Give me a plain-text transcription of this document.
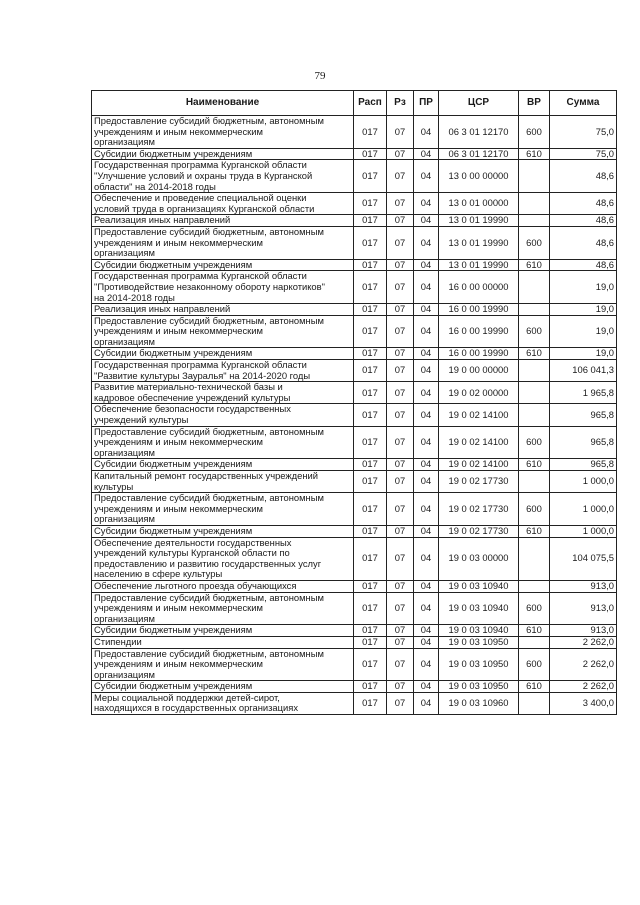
79
Наименование	Расп	Рз	ПР	ЦСР	ВР	Сумма
Предоставление субсидий бюджетным, автономным
учреждениям и иным некоммерческим
организациям	017	07	04	06 3 01 12170	600	75,0
Субсидии бюджетным учреждениям	017	07	04	06 3 01 12170	610	75,0
Государственная программа Курганской области
"Улучшение условий и охраны труда в Курганской
области" на 2014-2018 годы	017	07	04	13 0 00 00000		48,6
Обеспечение и проведение специальной оценки
условий труда в организациях Курганской области	017	07	04	13 0 01 00000		48,6
Реализация иных направлений	017	07	04	13 0 01 19990		48,6
Предоставление субсидий бюджетным, автономным
учреждениям и иным некоммерческим
организациям	017	07	04	13 0 01 19990	600	48,6
Субсидии бюджетным учреждениям	017	07	04	13 0 01 19990	610	48,6
Государственная программа Курганской области
"Противодействие незаконному обороту наркотиков"
на 2014-2018 годы	017	07	04	16 0 00 00000		19,0
Реализация иных направлений	017	07	04	16 0 00 19990		19,0
Предоставление субсидий бюджетным, автономным
учреждениям и иным некоммерческим
организациям	017	07	04	16 0 00 19990	600	19,0
Субсидии бюджетным учреждениям	017	07	04	16 0 00 19990	610	19,0
Государственная программа Курганской области
"Развитие культуры Зауралья" на 2014-2020 годы	017	07	04	19 0 00 00000		106 041,3
Развитие материально-технической базы и
кадровое обеспечение учреждений культуры	017	07	04	19 0 02 00000		1 965,8
Обеспечение безопасности государственных
учреждений культуры	017	07	04	19 0 02 14100		965,8
Предоставление субсидий бюджетным, автономным
учреждениям и иным некоммерческим
организациям	017	07	04	19 0 02 14100	600	965,8
Субсидии бюджетным учреждениям	017	07	04	19 0 02 14100	610	965,8
Капитальный ремонт государственных учреждений
культуры	017	07	04	19 0 02 17730		1 000,0
Предоставление субсидий бюджетным, автономным
учреждениям и иным некоммерческим
организациям	017	07	04	19 0 02 17730	600	1 000,0
Субсидии бюджетным учреждениям	017	07	04	19 0 02 17730	610	1 000,0
Обеспечение деятельности государственных
учреждений культуры Курганской области по
предоставлению и развитию государственных услуг
населению в сфере культуры	017	07	04	19 0 03 00000		104 075,5
Обеспечение льготного проезда обучающихся	017	07	04	19 0 03 10940		913,0
Предоставление субсидий бюджетным, автономным
учреждениям и иным некоммерческим
организациям	017	07	04	19 0 03 10940	600	913,0
Субсидии бюджетным учреждениям	017	07	04	19 0 03 10940	610	913,0
Стипендии	017	07	04	19 0 03 10950		2 262,0
Предоставление субсидий бюджетным, автономным
учреждениям и иным некоммерческим
организациям	017	07	04	19 0 03 10950	600	2 262,0
Субсидии бюджетным учреждениям	017	07	04	19 0 03 10950	610	2 262,0
Меры социальной поддержки детей-сирот,
находящихся в государственных организациях	017	07	04	19 0 03 10960		3 400,0
